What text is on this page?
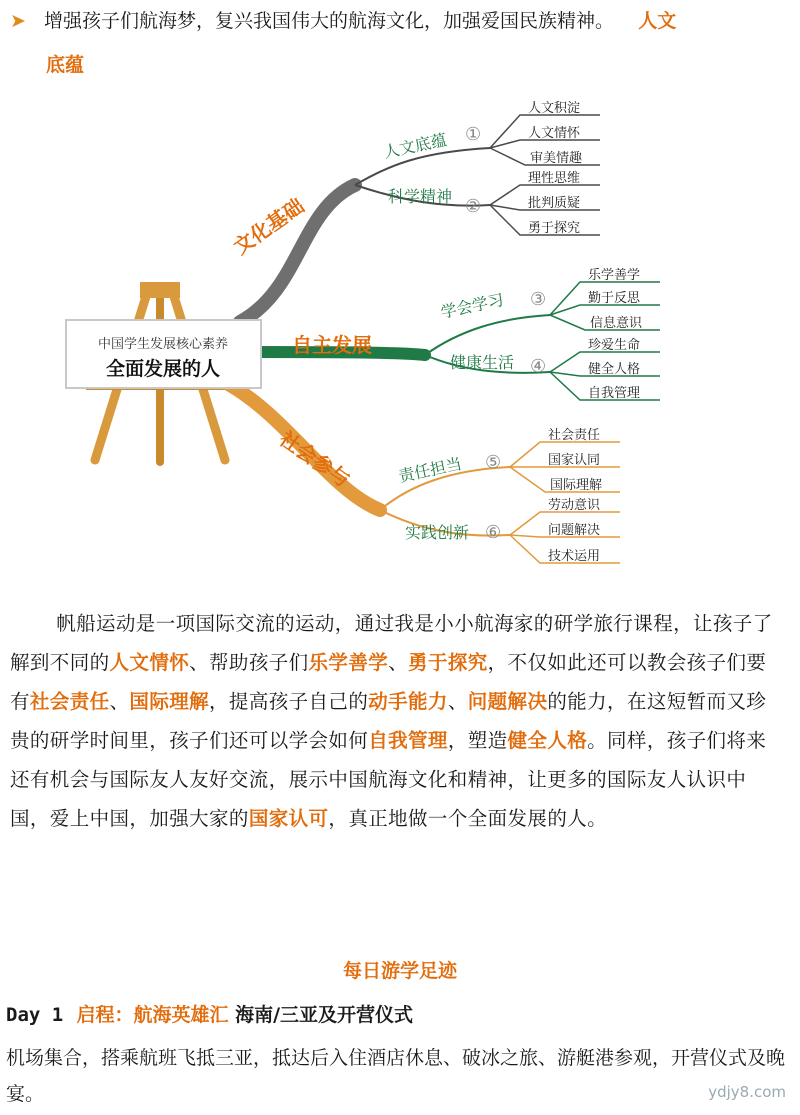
➤ 增强孩子们航海梦，复兴我国伟大的航海文化，加强爱国民族精神。 人文
底蕴
中国学生发展核心素养
全面发展的人
文化基础
自主发展
社会参与
人文底蕴 ①
科学精神 ②
学会学习 ③
健康生活 ④
责任担当 ⑤
实践创新 ⑥
人文积淀
人文情怀
审美情趣
理性思维
批判质疑
勇于探究
乐学善学
勤于反思
信息意识
珍爱生命
健全人格
自我管理
社会责任
国家认同
国际理解
劳动意识
问题解决
技术运用
帆船运动是一项国际交流的运动，通过我是小小航海家的研学旅行课程，让孩子了解到不同的人文情怀、帮助孩子们乐学善学、勇于探究，不仅如此还可以教会孩子们要有社会责任、国际理解，提高孩子自己的动手能力、问题解决的能力，在这短暂而又珍贵的研学时间里，孩子们还可以学会如何自我管理，塑造健全人格。同样，孩子们将来还有机会与国际友人友好交流，展示中国航海文化和精神，让更多的国际友人认识中国，爱上中国，加强大家的国家认可，真正地做一个全面发展的人。
每日游学足迹
Day 1 启程：航海英雄汇 海南/三亚及开营仪式
机场集合，搭乘航班飞抵三亚，抵达后入住酒店休息、破冰之旅、游艇港参观，开营仪式及晚宴。	ydjy8.com
